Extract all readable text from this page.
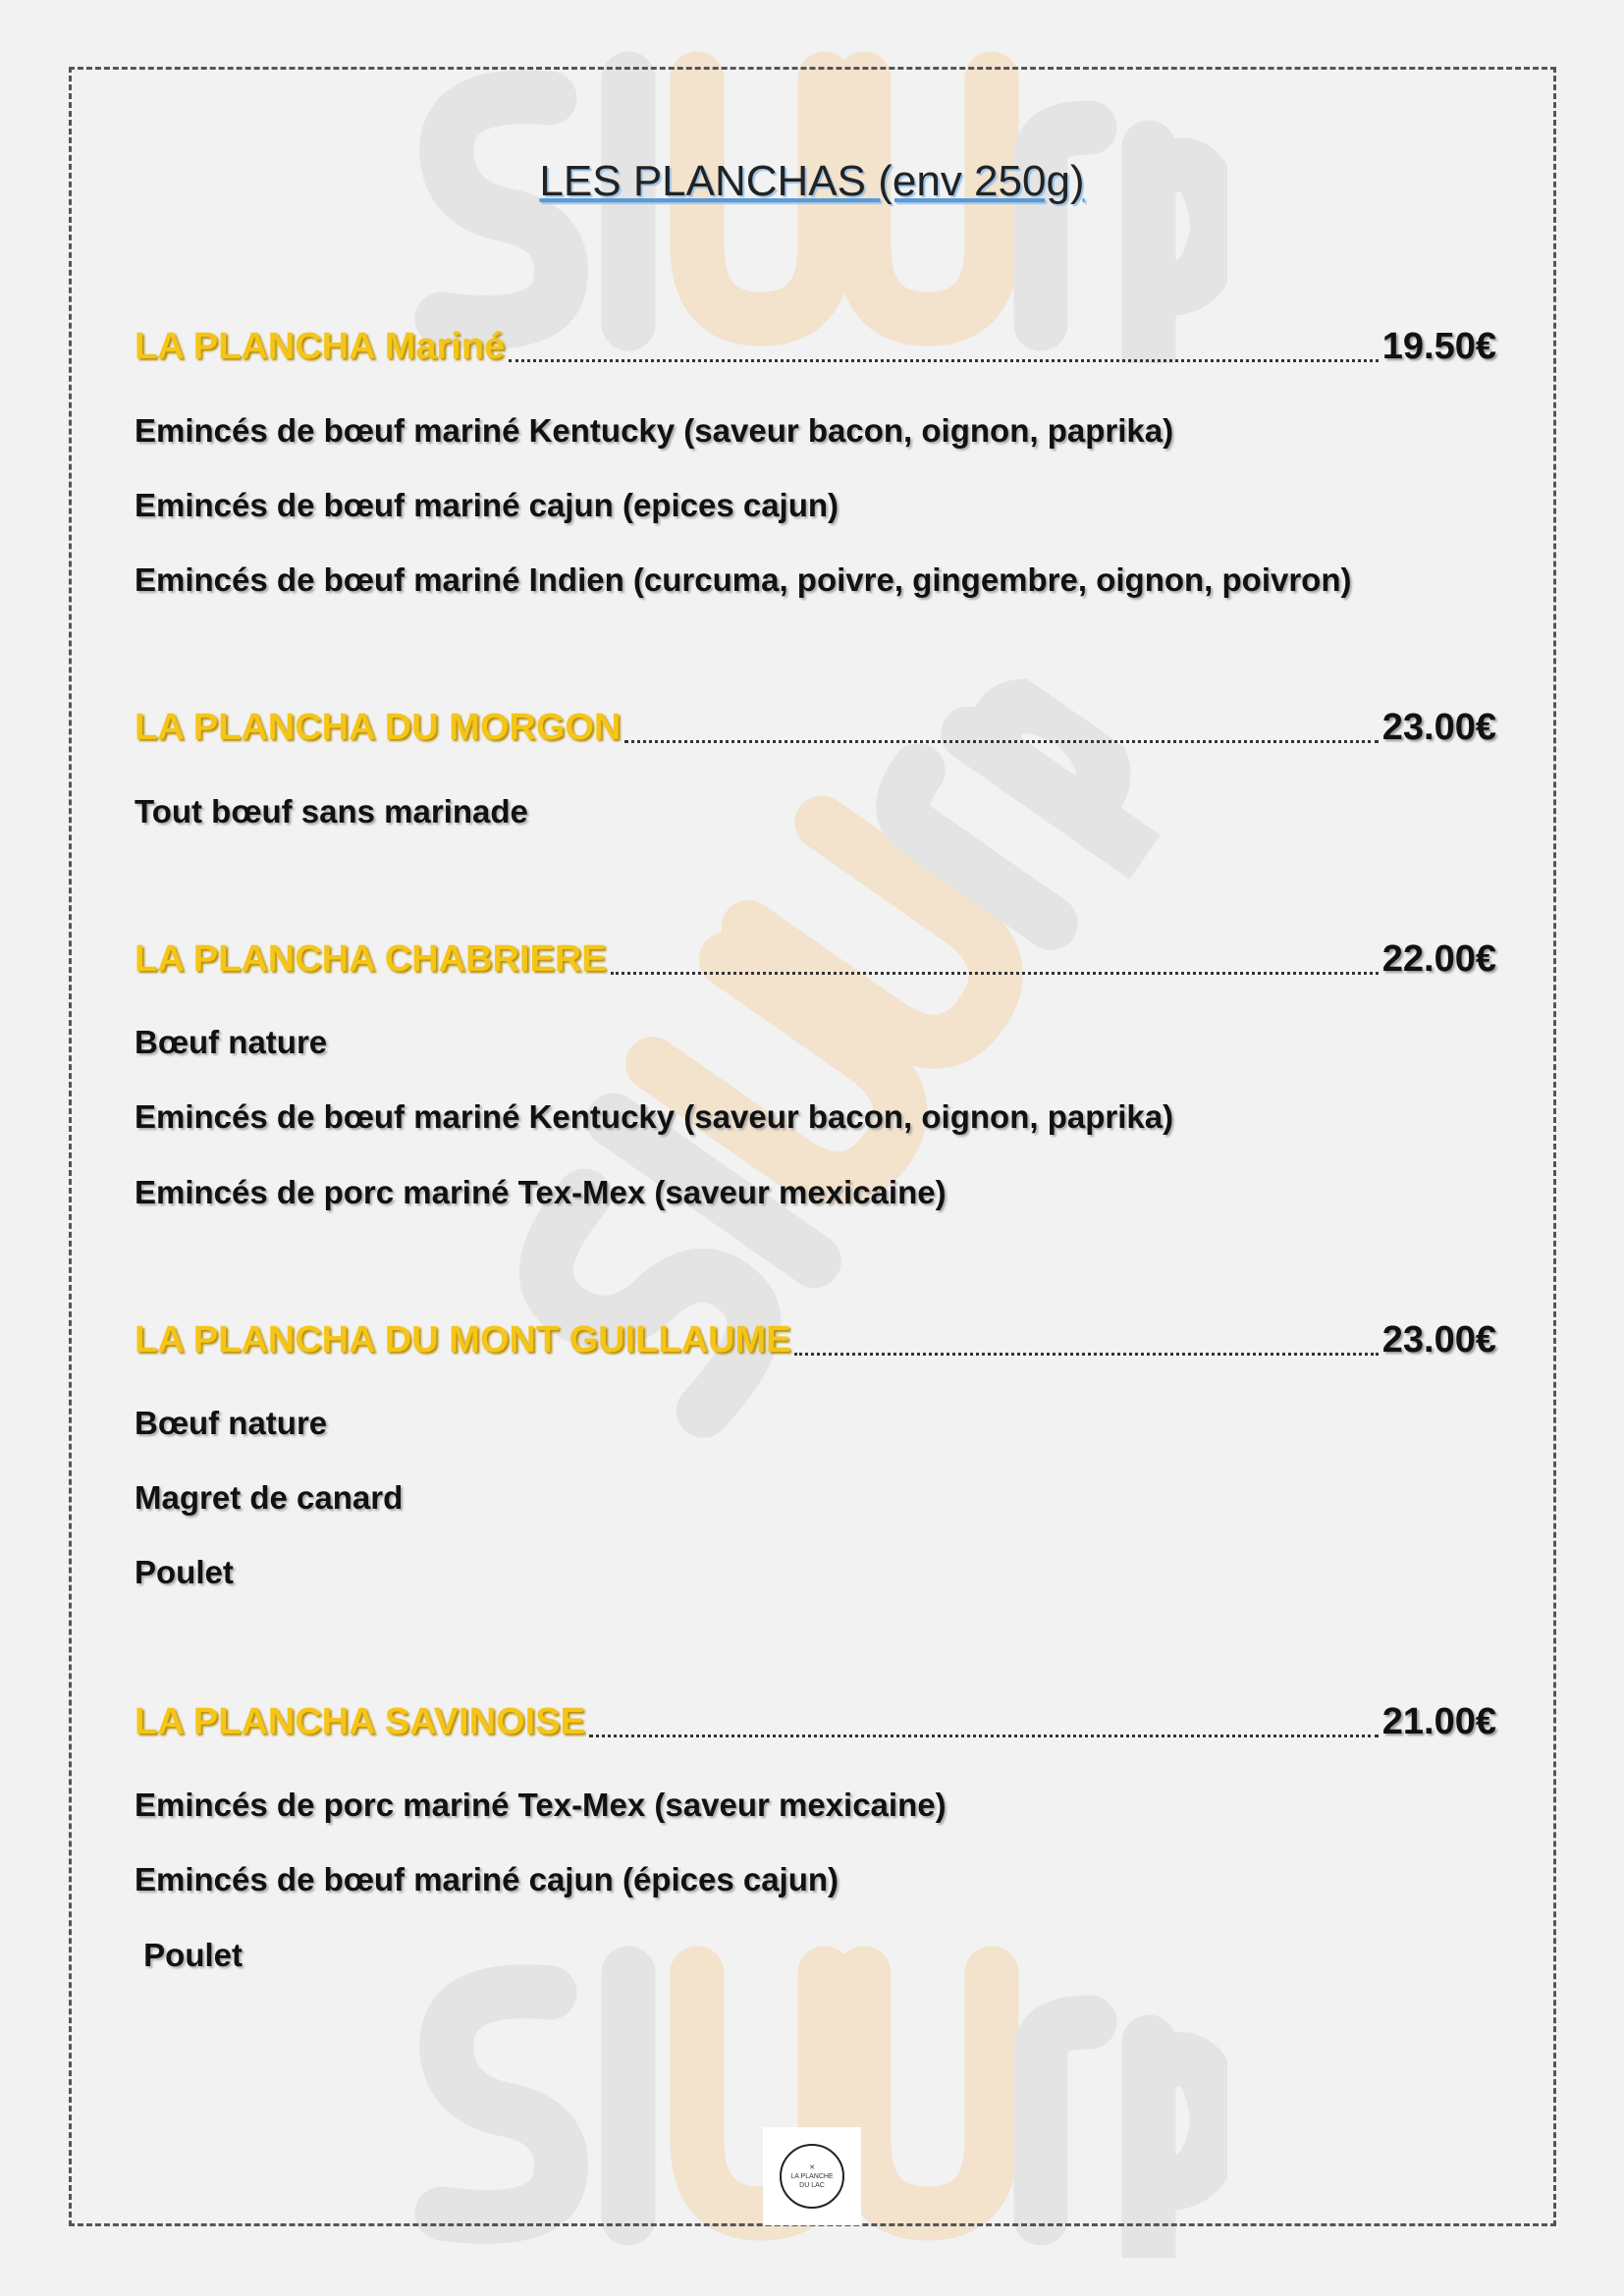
LES PLANCHAS (env 250g)
LA PLANCHA Mariné	19.50€
Emincés de bœuf mariné Kentucky (saveur bacon, oignon, paprika)
Emincés de bœuf mariné cajun (epices cajun)
Emincés de bœuf mariné Indien (curcuma, poivre, gingembre, oignon, poivron)
LA PLANCHA DU MORGON	23.00€
Tout bœuf sans marinade
LA PLANCHA CHABRIERE	22.00€
Bœuf nature
Emincés de bœuf mariné Kentucky (saveur bacon, oignon, paprika)
Emincés de porc mariné Tex-Mex (saveur mexicaine)
LA PLANCHA DU MONT GUILLAUME	23.00€
Bœuf nature
Magret de canard
Poulet
LA PLANCHA SAVINOISE	21.00€
Emincés de porc mariné Tex-Mex (saveur mexicaine)
Emincés de bœuf mariné cajun (épices cajun)
Poulet
✕
LA PLANCHE
DU LAC
